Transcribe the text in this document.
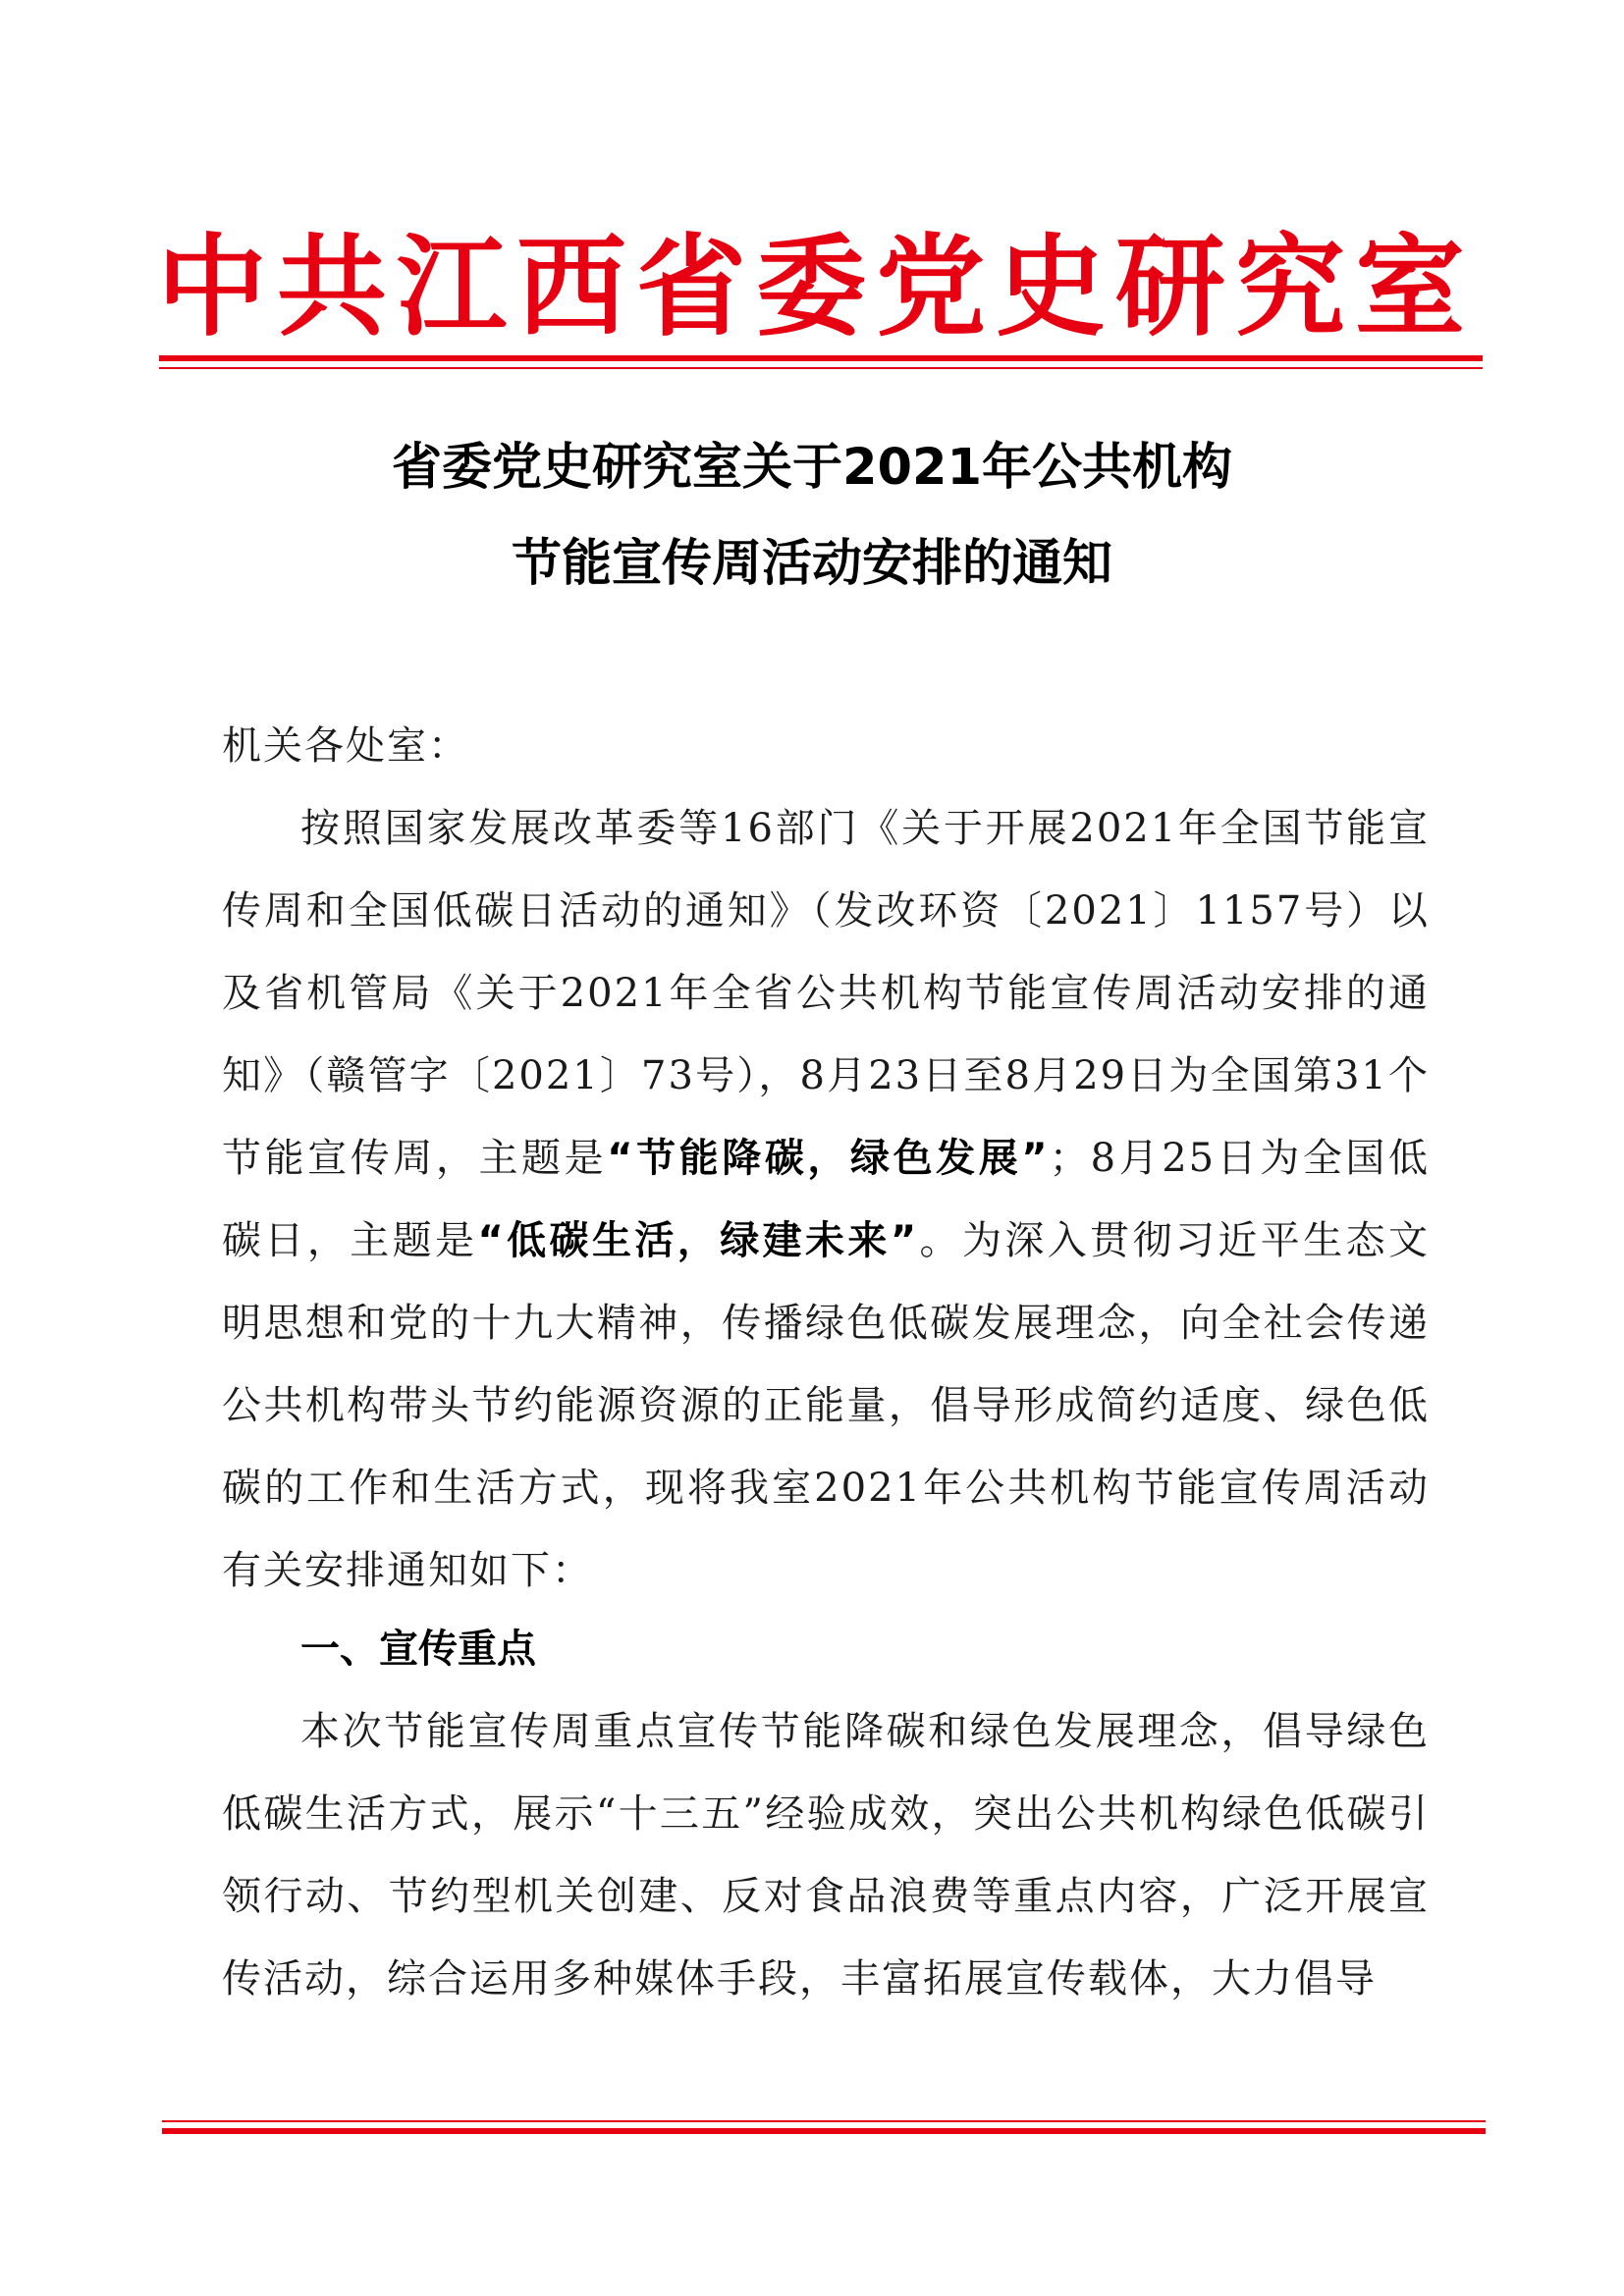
中共江西省委党史研究室
省委党史研究室关于2021年公共机构
节能宣传周活动安排的通知
机关各处室：

按照国家发展改革委等16部门《关于开展2021年全国节能宣传周和全国低碳日活动的通知》（发改环资〔2021〕1157号）以及省机管局《关于2021年全省公共机构节能宣传周活动安排的通知》（赣管字〔2021〕73号），8月23日至8月29日为全国第31个节能宣传周，主题是“节能降碳，绿色发展”；8月25日为全国低碳日，主题是“低碳生活，绿建未来”。为深入贯彻习近平生态文明思想和党的十九大精神，传播绿色低碳发展理念，向全社会传递公共机构带头节约能源资源的正能量，倡导形成简约适度、绿色低碳的工作和生活方式，现将我室2021年公共机构节能宣传周活动有关安排通知如下：

一、宣传重点

本次节能宣传周重点宣传节能降碳和绿色发展理念，倡导绿色低碳生活方式，展示“十三五”经验成效，突出公共机构绿色低碳引领行动、节约型机关创建、反对食品浪费等重点内容，广泛开展宣传活动，综合运用多种媒体手段，丰富拓展宣传载体，大力倡导
